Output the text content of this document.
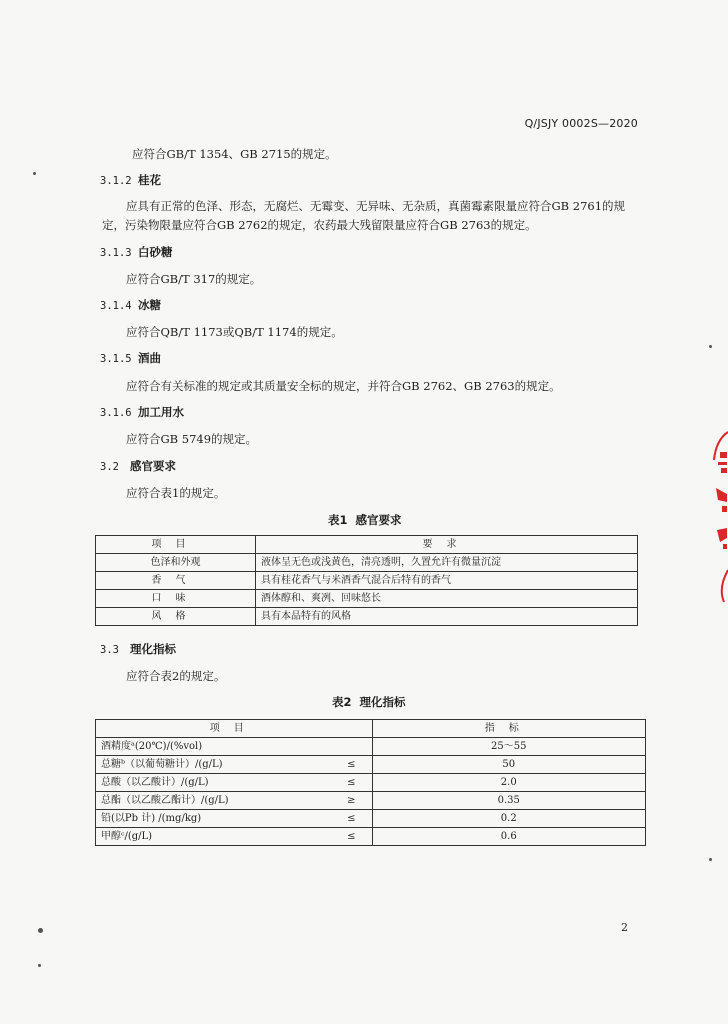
Q/JSJY 0002S—2020
应符合GB/T 1354、GB 2715的规定。
3.1.2 桂花
应具有正常的色泽、形态，无腐烂、无霉变、无异味、无杂质，真菌霉素限量应符合GB 2761的规
定，污染物限量应符合GB 2762的规定，农药最大残留限量应符合GB 2763的规定。
3.1.3 白砂糖
应符合GB/T 317的规定。
3.1.4 冰糖
应符合QB/T 1173或QB/T 1174的规定。
3.1.5 酒曲
应符合有关标准的规定或其质量安全标的规定，并符合GB 2762、GB 2763的规定。
3.1.6 加工用水
应符合GB 5749的规定。
3.2 感官要求
应符合表1的规定。
表1 感官要求
项目	要求
色泽和外观	液体呈无色或浅黄色，清亮透明，久置允许有微量沉淀
香气	具有桂花香气与米酒香气混合后特有的香气
口味	酒体醇和、爽冽、回味悠长
风格	具有本品特有的风格
3.3 理化指标
应符合表2的规定。
表2 理化指标
项目		指标
酒精度ᵃ(20℃)/(%vol)		25～55
总糖ᵇ（以葡萄糖计）/(g/L)	≤	50
总酸（以乙酸计）/(g/L)	≤	2.0
总酯（以乙酸乙酯计）/(g/L)	≥	0.35
铅(以Pb 计) /(mg/kg)	≤	0.2
甲醇ᶜ/(g/L)	≤	0.6
2
